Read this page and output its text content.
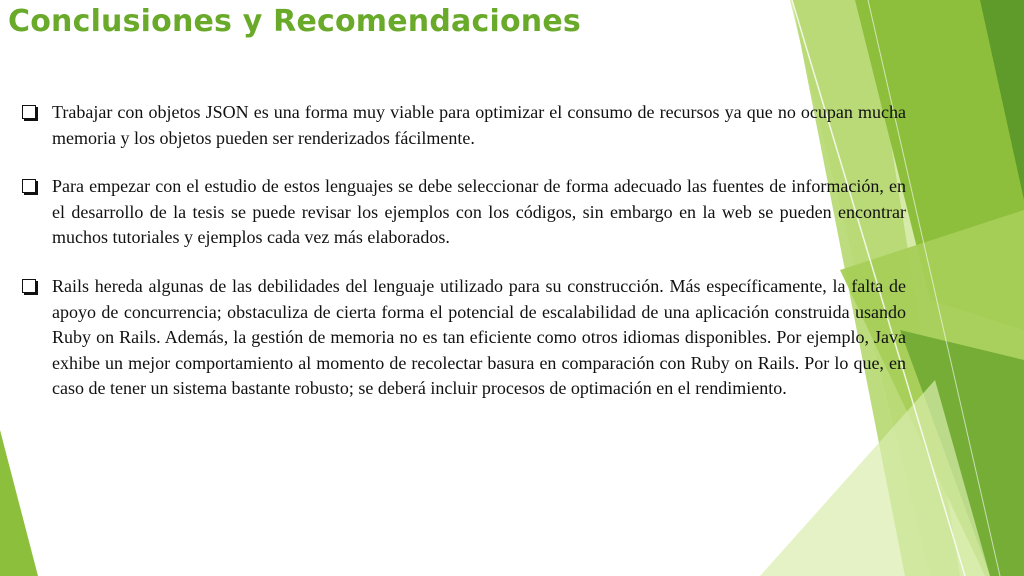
Conclusiones y Recomendaciones

Trabajar con objetos JSON es una forma muy viable para optimizar el consumo de recursos ya que no ocupan mucha memoria y los objetos pueden ser renderizados fácilmente.

Para empezar con el estudio de estos lenguajes se debe seleccionar de forma adecuado las fuentes de información, en el desarrollo de la tesis se puede revisar los ejemplos con los códigos, sin embargo en la web se pueden encontrar muchos tutoriales y ejemplos cada vez más elaborados.

Rails hereda algunas de las debilidades del lenguaje utilizado para su construcción. Más específicamente, la falta de apoyo de concurrencia; obstaculiza de cierta forma el potencial de escalabilidad de una aplicación construida usando Ruby on Rails. Además, la gestión de memoria no es tan eficiente como otros idiomas disponibles. Por ejemplo, Java exhibe un mejor comportamiento al momento de recolectar basura en comparación con Ruby on Rails. Por lo que, en caso de tener un sistema bastante robusto; se deberá incluir procesos de optimación en el rendimiento.
